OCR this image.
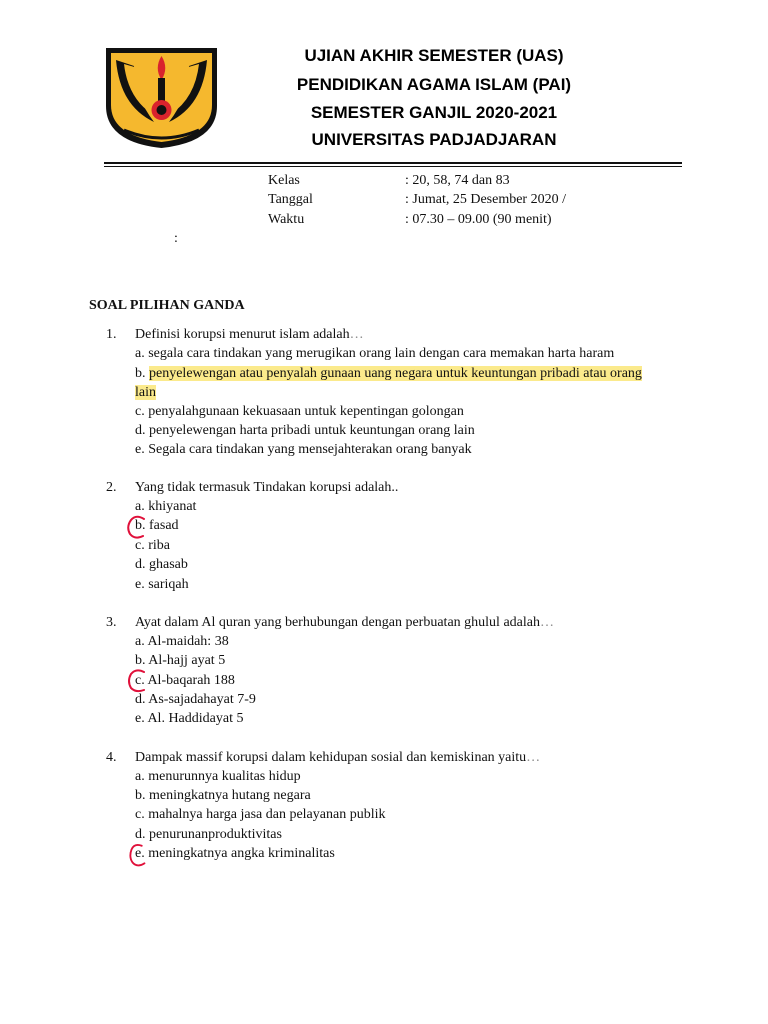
UJIAN AKHIR SEMESTER (UAS)
PENDIDIKAN AGAMA ISLAM (PAI)
SEMESTER GANJIL 2020-2021
UNIVERSITAS PADJADJARAN
Kelas	: 20, 58, 74 dan 83
Tanggal	: Jumat, 25 Desember 2020 /
Waktu	: 07.30 – 09.00 (90 menit)
:
SOAL PILIHAN GANDA
1. Definisi korupsi menurut islam adalah…
a. segala cara tindakan yang merugikan orang lain dengan cara memakan harta haram
b. penyelewengan atau penyalah gunaan uang negara untuk keuntungan pribadi atau orang
lain
c. penyalahgunaan kekuasaan untuk kepentingan golongan
d. penyelewengan harta pribadi untuk keuntungan orang lain
e. Segala cara tindakan yang mensejahterakan orang banyak
2. Yang tidak termasuk Tindakan korupsi adalah..
a. khiyanat
b. fasad
c. riba
d. ghasab
e. sariqah
3. Ayat dalam Al quran yang berhubungan dengan perbuatan ghulul adalah…
a. Al-maidah: 38
b. Al-hajj ayat 5
c. Al-baqarah 188
d. As-sajadahayat 7-9
e. Al. Haddidayat 5
4. Dampak massif korupsi dalam kehidupan sosial dan kemiskinan yaitu…
a. menurunnya kualitas hidup
b. meningkatnya hutang negara
c. mahalnya harga jasa dan pelayanan publik
d. penurunanproduktivitas
e. meningkatnya angka kriminalitas
